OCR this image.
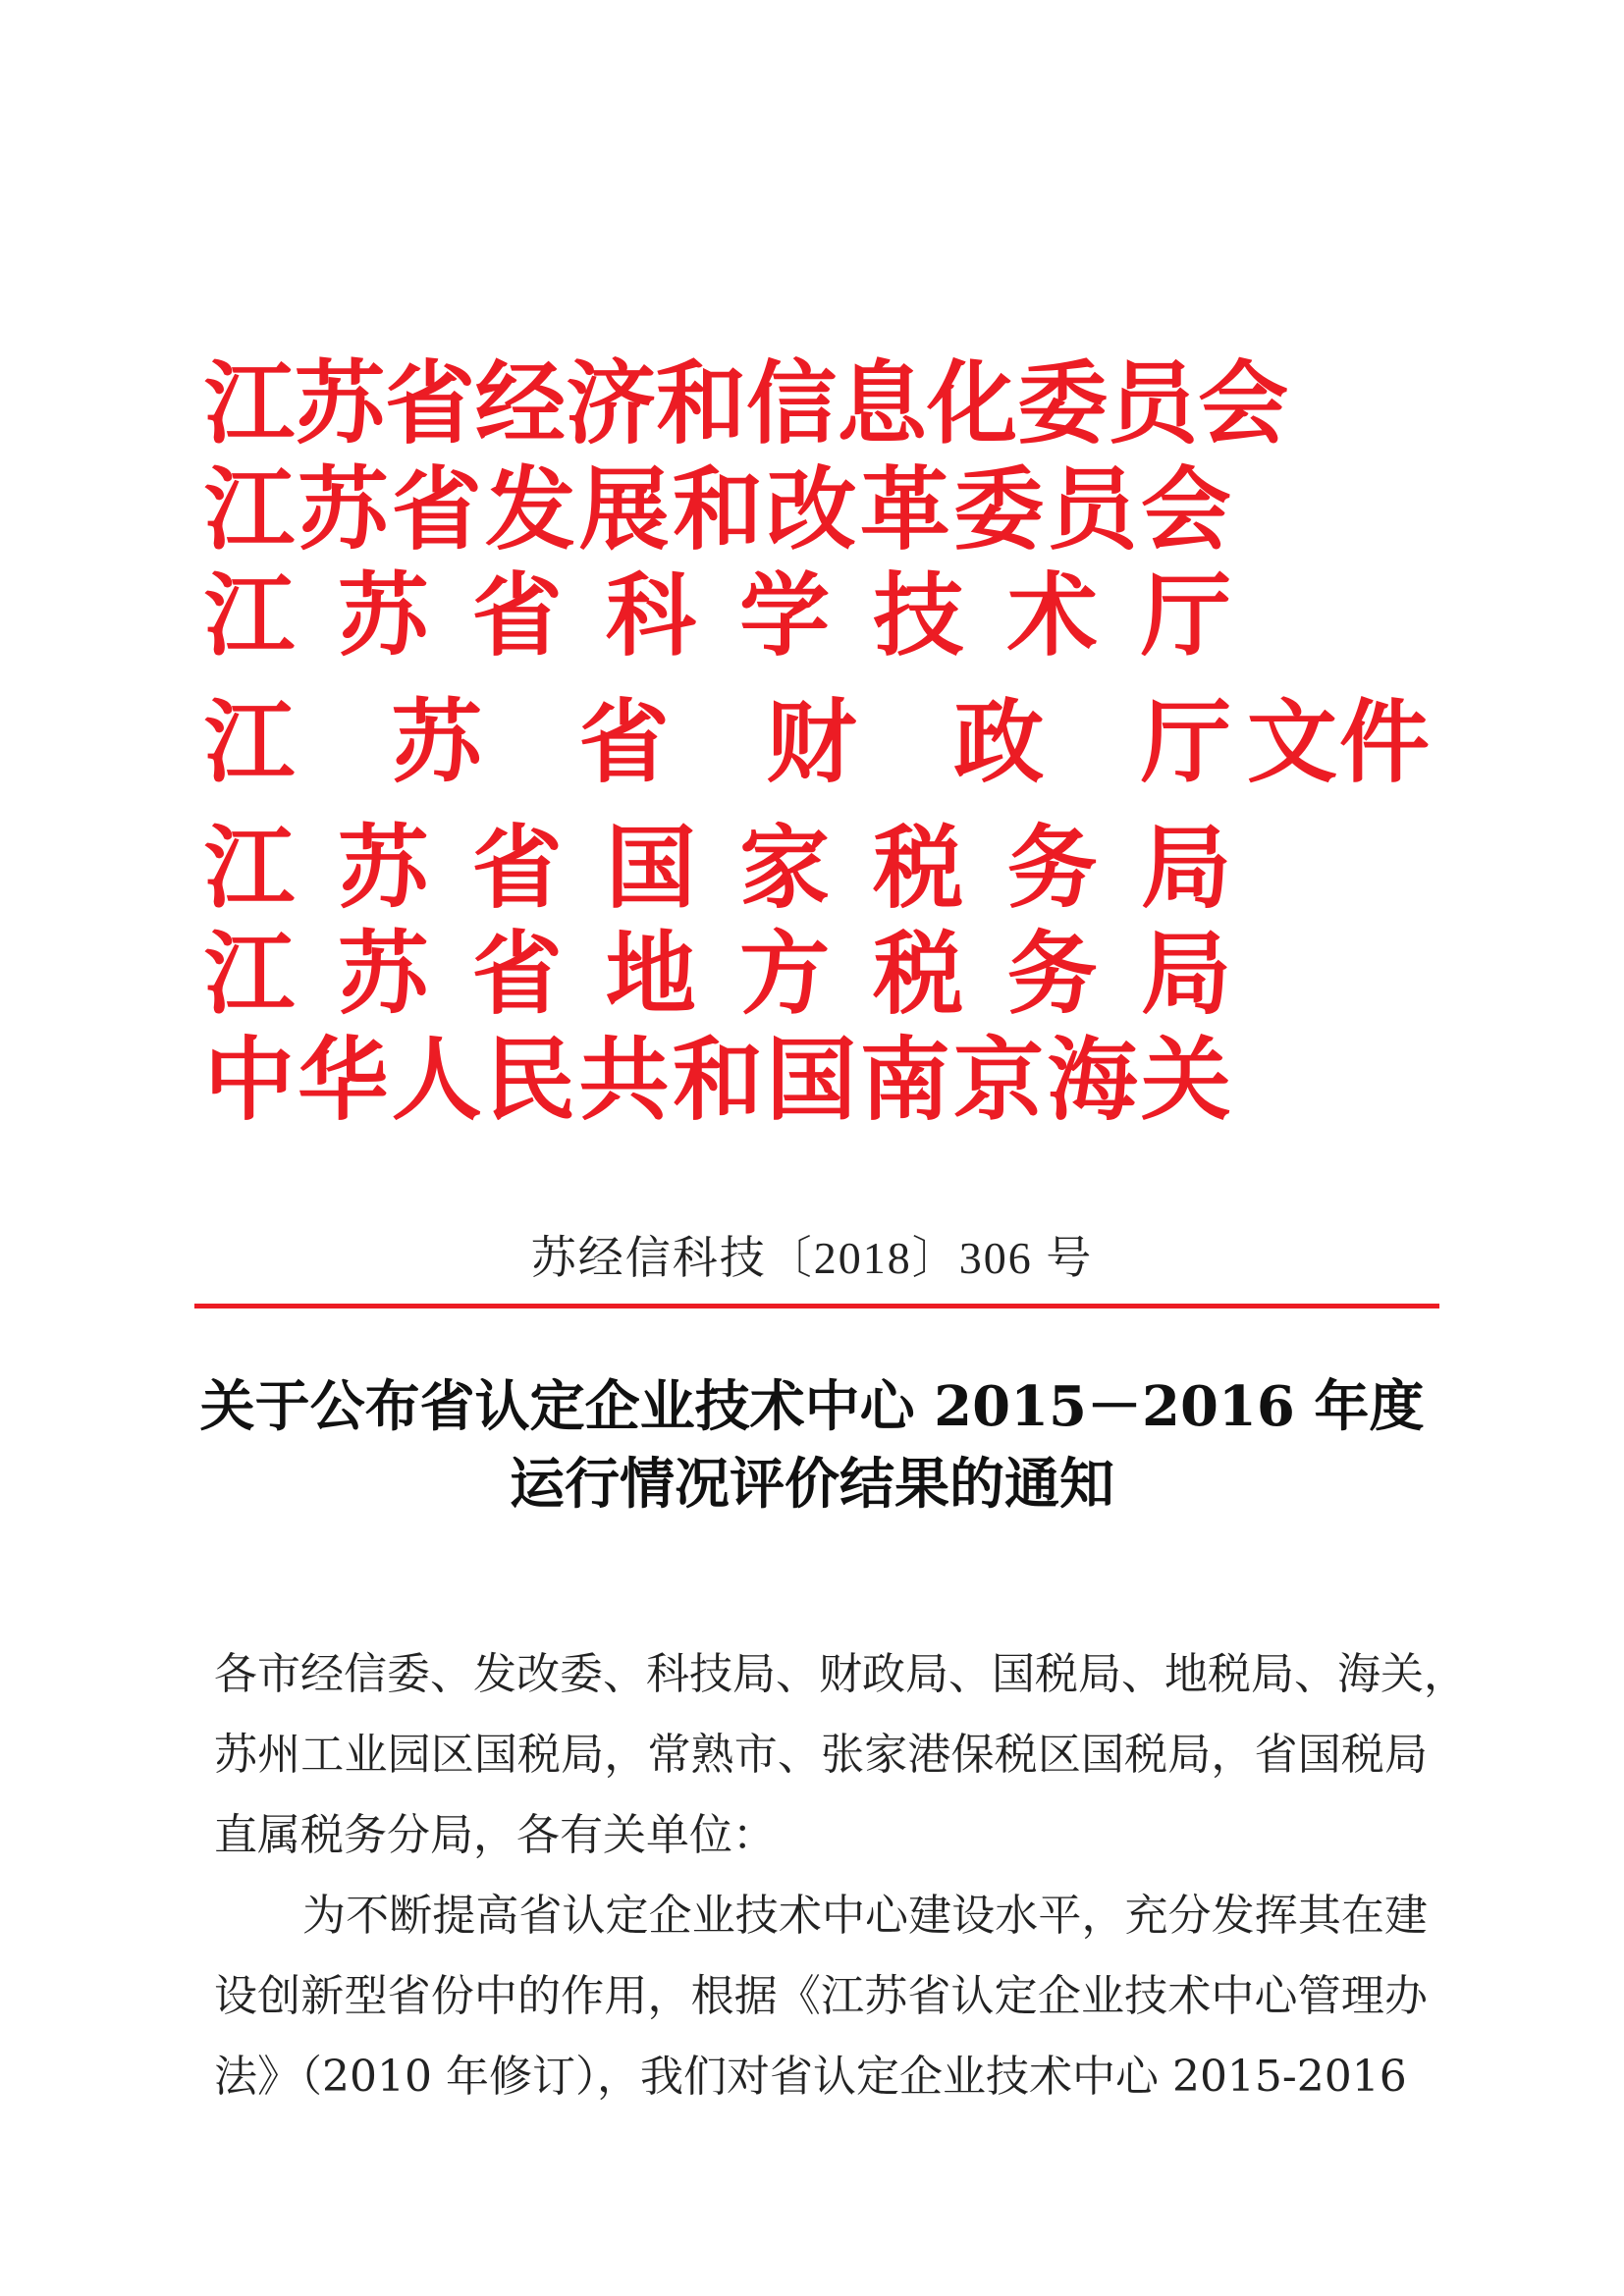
江 苏 省 经 济 和 信 息 化 委 员 会
江 苏 省 发 展 和 改 革 委 员 会
江 苏 省 科 学 技 术 厅
江 苏 省 财 政 厅
江 苏 省 国 家 税 务 局
江 苏 省 地 方 税 务 局
中 华 人 民 共 和 国 南 京 海 关
文件
苏经信科技〔2018〕306 号
关于公布省认定企业技术中心 2015－2016 年度
运行情况评价结果的通知
各市经信委、发改委、科技局、财政局、国税局、地税局、海关，
苏州工业园区国税局，常熟市、张家港保税区国税局，省国税局
直属税务分局，各有关单位：
为不断提高省认定企业技术中心建设水平，充分发挥其在建
设创新型省份中的作用，根据《江苏省认定企业技术中心管理办
法》（2010 年修订），我们对省认定企业技术中心 2015-2016
